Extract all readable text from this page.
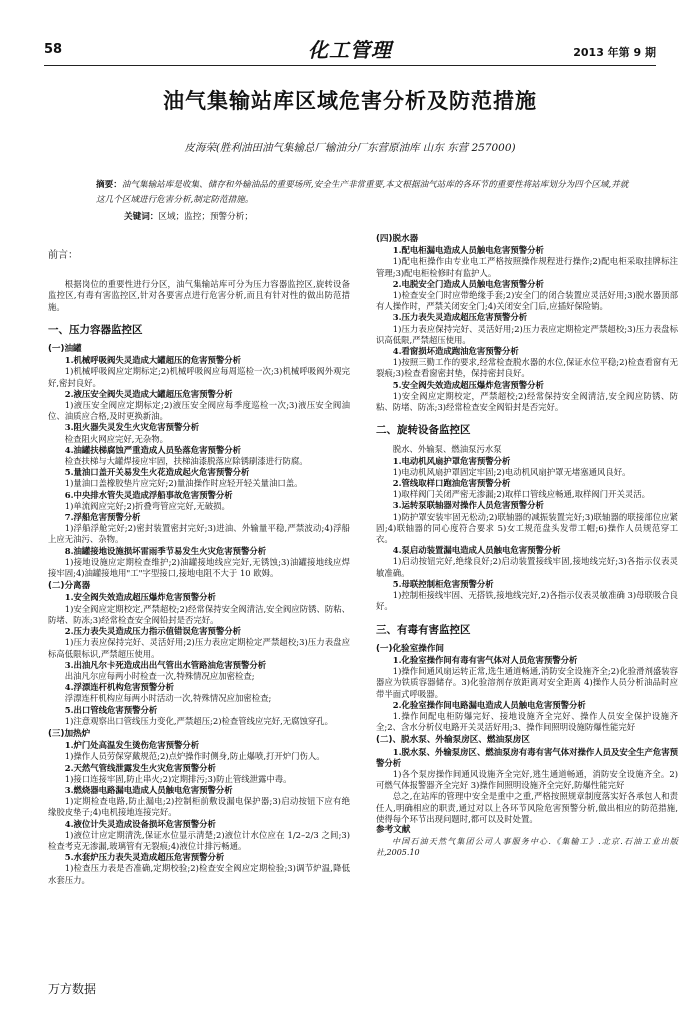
58	化工管理	2013 年第 9 期
油气集输站库区域危害分析及防范措施
皮海荣(胜利油田油气集输总厂输油分厂东营原油库 山东 东营 257000)
摘要：油气集输站库是收集、储存和外输油品的重要场所,安全生产非常重要,本文根据油气站库的各环节的重要性将站库划分为四个区域,并就这几个区域进行危害分析,制定防范措施。
关键词：区域；监控；预警分析；
前言：

根据岗位的重要性进行分区，油气集输站库可分为压力容器监控区,旋转设备监控区,有毒有害监控区,针对各要害点进行危害分析,而且有针对性的做出防范措施。

一、压力容器监控区
(一)油罐

1.机械呼吸阀失灵造成大罐超压的危害预警分析

1)机械呼吸阀应定期标定;2)机械呼吸阀应每周巡检一次;3)机械呼吸阀外观完好,密封良好。

2.液压安全阀失灵造成大罐超压危害预警分析

1)液压安全阀应定期标定;2)液压安全阀应每季度巡检一次;3)液压安全阀油位、油质应合格,及时更换新油。

3.阻火器失灵发生火灾危害预警分析

检查阻火网应完好,无杂物。

4.油罐扶梯腐蚀严重造成人员坠落危害预警分析

检查扶梯与大罐焊接应牢固，扶梯油漆脱落应除锈刷漆进行防腐。

5.量油口盖开关易发生火花造成起火危害预警分析

1)量油口盖橡胶垫片应完好;2)量油操作时应轻开轻关量油口盖。

6.中央排水管失灵造成浮船事故危害预警分析

1)单流阀应完好;2)折叠弯管应完好,无破损。

7.浮船危害预警分析

1)浮船浮舱完好;2)密封装置密封完好;3)进油、外输量平稳,严禁波动;4)浮船上应无油污、杂物。

8.油罐接地设施损坏雷雨季节易发生火灾危害预警分析

1)接地设施应定期检查维护;2)油罐接地线应完好,无锈蚀;3)油罐接地线应焊接牢固;4)油罐接地用"工"字型接口,接地电阻不大于 10 欧姆。

(二)分离器

1.安全阀失效造成超压爆炸危害预警分析

1)安全阀应定期校定,严禁超校;2)经常保持安全阀清洁,安全阀应防锈、防粘、防堵、防冻;3)经常检查安全阀铅封是否完好。

2.压力表失灵造成压力指示值错误危害预警分析

1)压力表应保持完好、灵活好用;2)压力表应定期检定严禁超校;3)压力表盘应标高低限标识,严禁超压使用。

3.出油凡尔卡死造成出出气管出水管路油危害预警分析

出油凡尔应每两小时检查一次,特殊情况应加密检查;

4.浮漂连杆机构危害预警分析

浮漂连杆机构应每两小时活动一次,特殊情况应加密检查;

5.出口管线危害预警分析

1)注意观察出口管线压力变化,严禁超压;2)检查管线应完好,无腐蚀穿孔。

(三)加热炉

1.炉门处高温发生烫伤危害预警分析

1)操作人员劳保穿戴规范;2)点炉操作时侧身,防止爆喷,打开炉门伤人。

2.天然气管线泄露发生火灾危害预警分析

1)接口连接牢固,防止串火;2)定期排污;3)防止管线泄露中毒。

3.燃烧器电路漏电造成人员触电危害预警分析

1)定期检查电路,防止漏电;2)控制柜前敷设漏电保护器;3)启动按钮下应有绝缘胶皮垫子;4)电机接地连接完好。

4.液位计失灵造成设备损坏危害预警分析

1)液位计应定期清洗,保证水位显示清楚;2)液位计水位应在 1/2–2/3 之间;3)检查考克无渗漏,玻璃管有无裂痕;4)液位计排污畅通。

5.水套炉压力表失灵造成超压危害预警分析

1)检查压力表是否准确,定期校验;2)检查安全阀应定期检验;3)调节炉温,降低水套压力。

(四)脱水器

1.配电柜漏电造成人员触电危害预警分析

1)配电柜操作由专业电工严格按照操作规程进行操作;2)配电柜采取挂牌标注管理;3)配电柜检修时有监护人。

2.电脱安全门造成人员触电危害预警分析

1)检查安全门时应带绝缘手套;2)安全门的闭合装置应灵活好用;3)脱水器顶部有人操作时，严禁关闭安全门;4)关闭安全门后,应插好保险销。

3.压力表失灵造成超压危害预警分析

1)压力表应保持完好、灵活好用;2)压力表应定期检定严禁超校;3)压力表盘标识高低限,严禁超压使用。

4.看窗损坏造成跑油危害预警分析

1)按照三勤工作的要求,经常检查脱水器的水位,保证水位平稳;2)检查看窗有无裂痕;3)检查看窗密封垫，保持密封良好。

5.安全阀失效造成超压爆炸危害预警分析

1)安全阀应定期校定，严禁超校;2)经常保持安全阀清洁,安全阀应防锈、防粘、防堵、防冻;3)经常检查安全阀铅封是否完好。

二、旋转设备监控区

脱水、外输泵、燃油泵污水泵

1.电动机风扇护罩危害预警分析

1)电动机风扇护罩固定牢固;2)电动机风扇护罩无堵塞通风良好。

2.管线取样口跑油危害预警分析

1)取样阀门关闭严密无渗漏;2)取样口管线应畅通,取样阀门开关灵活。

3.运转泵联轴器对操作人员危害预警分析

1)防护罩安装牢固无松动;2)联轴器的减振装置完好;3)联轴器的联接部位应紧固;4)联轴器的同心度符合要求 5)女工规范盘头发带工帽;6)操作人员规范穿工衣。

4.泵启动装置漏电造成人员触电危害预警分析

1)启动按钮完好,绝缘良好;2)启动装置接线牢固,接地线完好;3)各指示仪表灵敏准确。

5.母联控制柜危害预警分析

1)控制柜接线牢固、无搭铁,接地线完好,2)各指示仪表灵敏准确 3)母联吸合良好。

三、有毒有害监控区
(一)化验室操作间

1.化验室操作间有毒有害气体对人员危害预警分析

1)操作间通风扇运转正常,选生通道畅通,消防安全设施齐全;2)化验滑剂盛装容器应为铁质容器储存。3)化验溶剂存放距离对安全距离 4)操作人员分析油品时应带半面式呼吸器。

2.化验室操作间电路漏电造成人员触电危害预警分析

1.操作间配电柜防爆完好、接地设施齐全完好、操作人员安全保护设施齐全;2、含水分析仪电路开关灵活好用;3、操作间照明设施防爆性能完好

(二)、脱水泵、外输泵房区、燃油泵房区

1.脱水泵、外输泵房区、燃油泵房有毒有害气体对操作人员及安全生产危害预警分析

1)各个泵房操作间通风设施齐全完好,逃生通道畅通，消防安全设施齐全。2)可燃气体报警器齐全完好 3)操作间照明设施齐全完好,防爆性能完好

总之,在站库的管理中安全是重中之重,严格按照规章制度落实好各承包人和责任人,明确相应的职责,通过对以上各环节风险危害预警分析,做出相应的防范措施,使得每个环节出现问题时,都可以及时处置。

参考文献

中国石油天然气集团公司人事服务中心.《集输工》.北京.石油工业出版社,2005.10

万方数据
